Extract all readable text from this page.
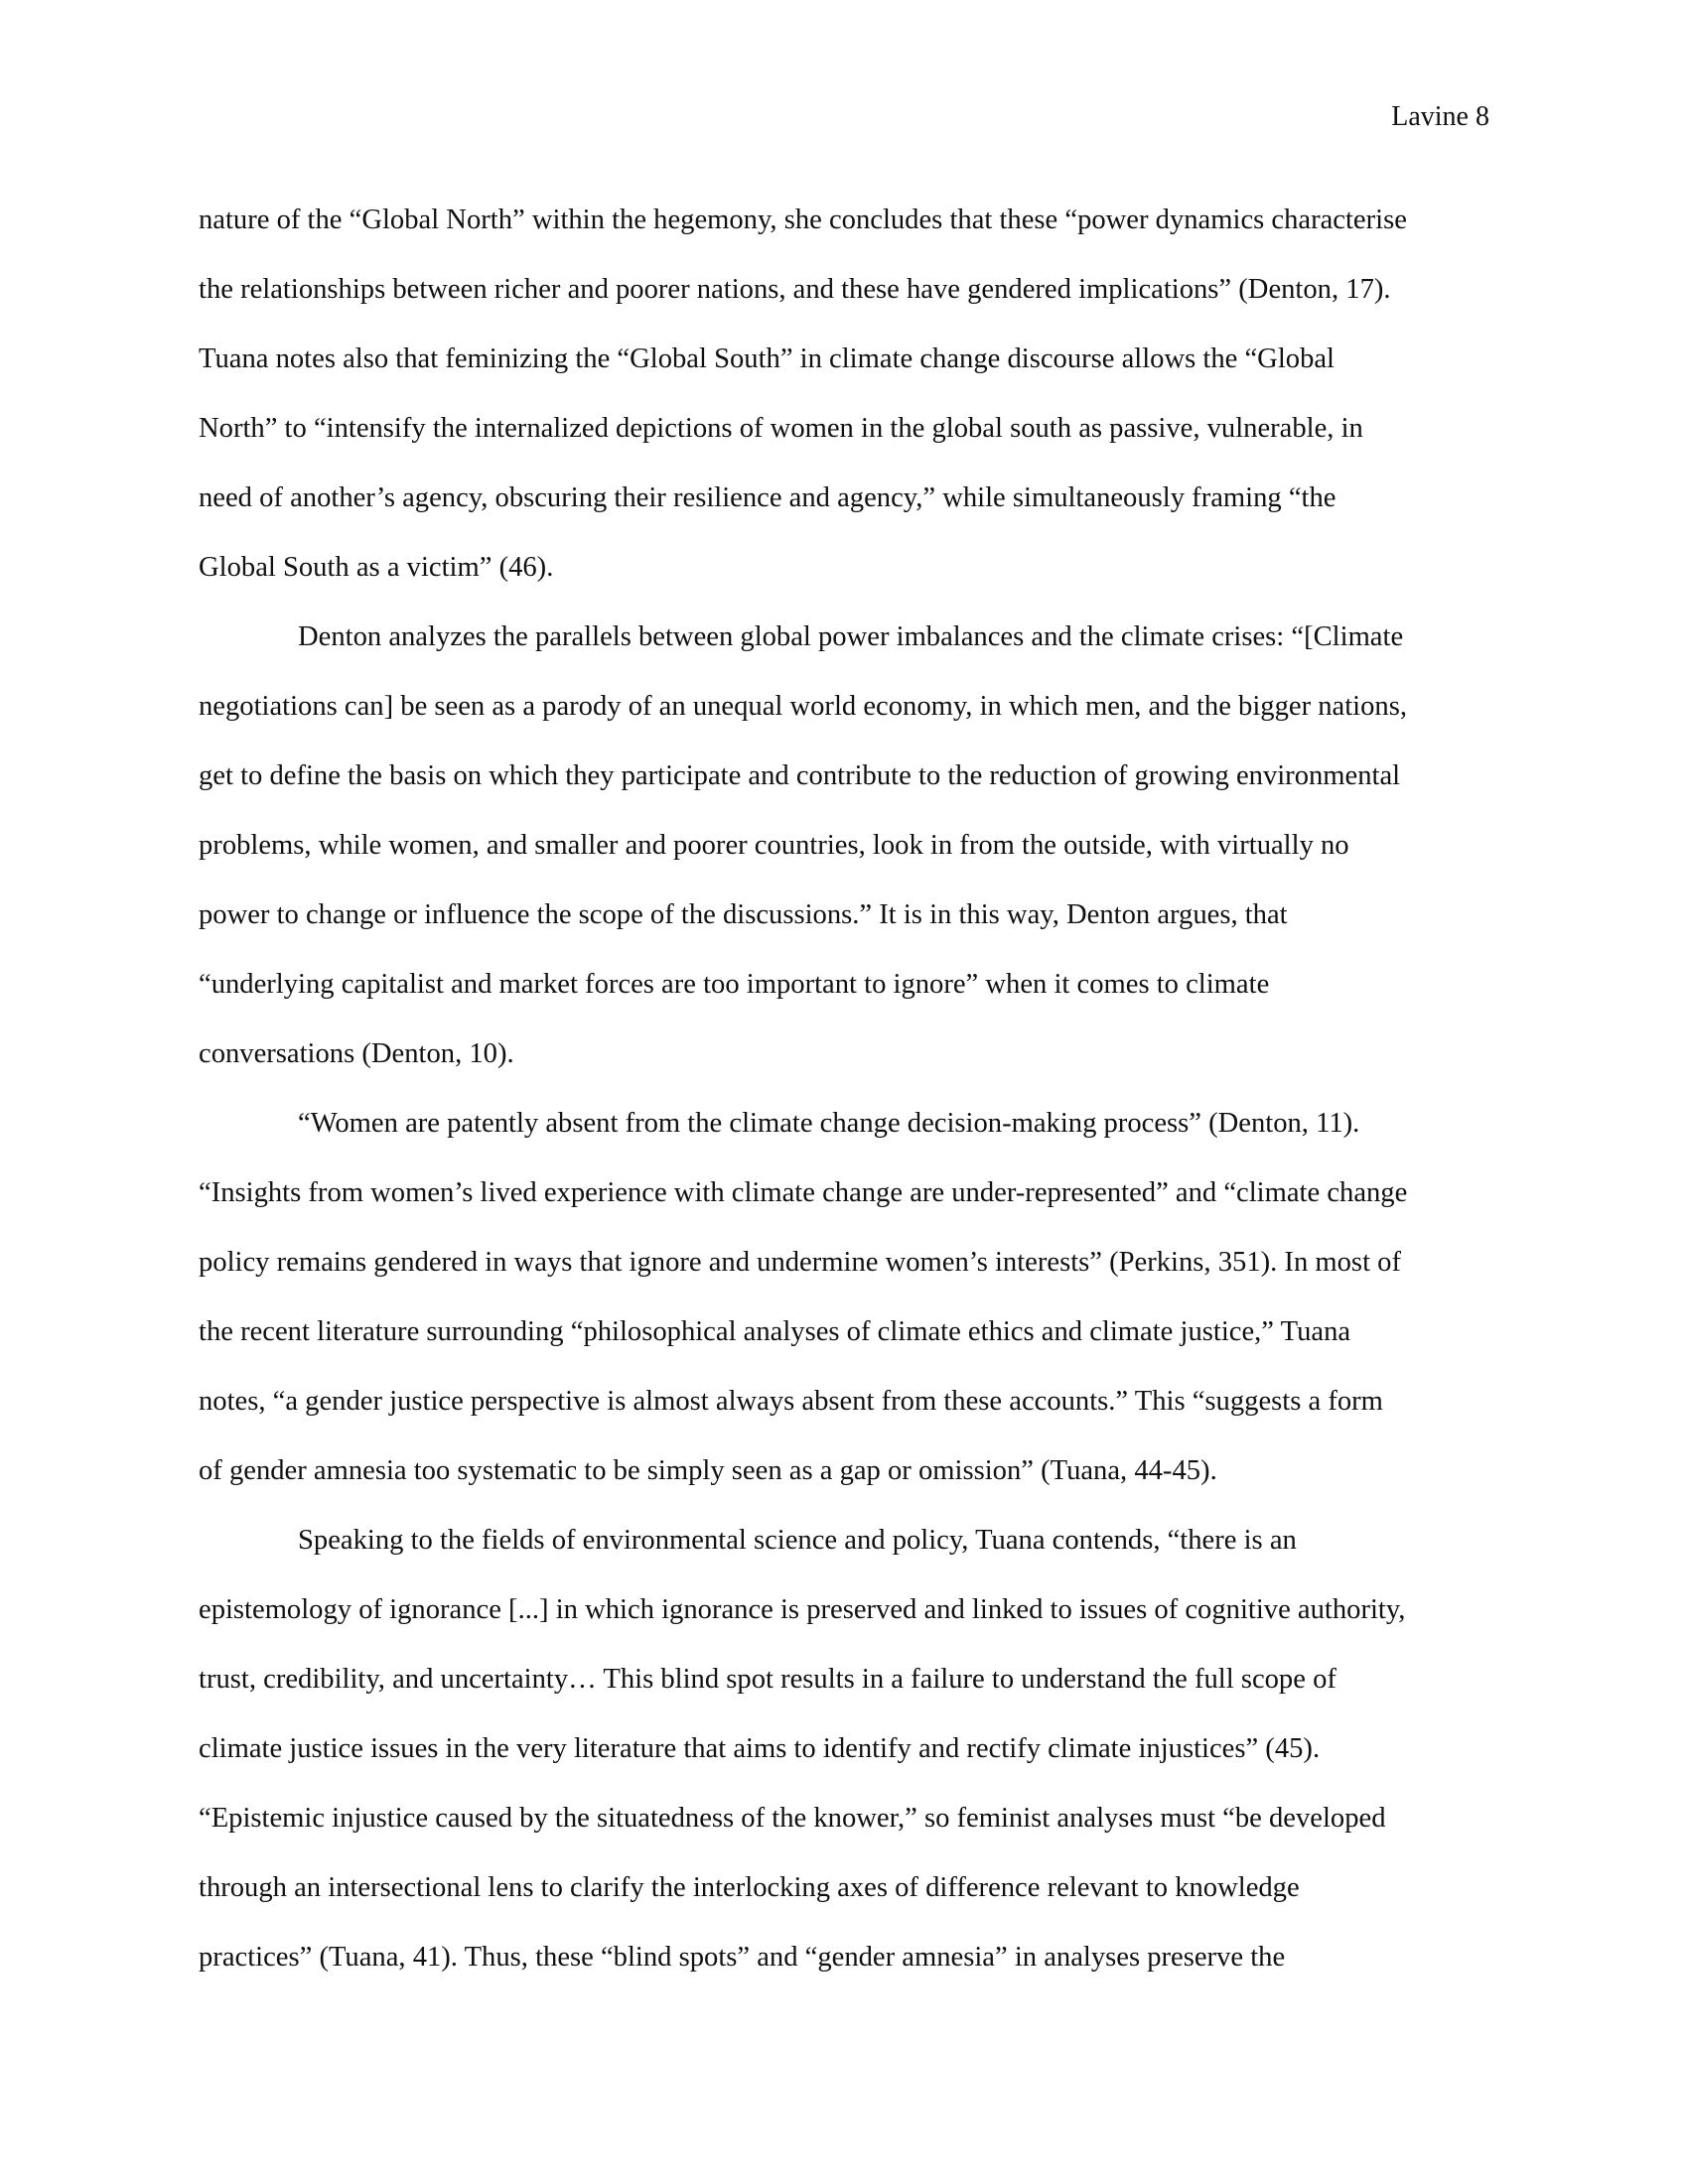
Lavine 8

nature of the “Global North” within the hegemony, she concludes that these “power dynamics characterise
the relationships between richer and poorer nations, and these have gendered implications” (Denton, 17).
Tuana notes also that feminizing the “Global South” in climate change discourse allows the “Global
North” to “intensify the internalized depictions of women in the global south as passive, vulnerable, in
need of another’s agency, obscuring their resilience and agency,” while simultaneously framing “the
Global South as a victim” (46).
Denton analyzes the parallels between global power imbalances and the climate crises: “[Climate
negotiations can] be seen as a parody of an unequal world economy, in which men, and the bigger nations,
get to define the basis on which they participate and contribute to the reduction of growing environmental
problems, while women, and smaller and poorer countries, look in from the outside, with virtually no
power to change or influence the scope of the discussions.” It is in this way, Denton argues, that
“underlying capitalist and market forces are too important to ignore” when it comes to climate
conversations (Denton, 10).
“Women are patently absent from the climate change decision-making process” (Denton, 11).
“Insights from women’s lived experience with climate change are under-represented” and “climate change
policy remains gendered in ways that ignore and undermine women’s interests” (Perkins, 351). In most of
the recent literature surrounding “philosophical analyses of climate ethics and climate justice,” Tuana
notes, “a gender justice perspective is almost always absent from these accounts.” This “suggests a form
of gender amnesia too systematic to be simply seen as a gap or omission” (Tuana, 44-45).
Speaking to the fields of environmental science and policy, Tuana contends, “there is an
epistemology of ignorance [...] in which ignorance is preserved and linked to issues of cognitive authority,
trust, credibility, and uncertainty… This blind spot results in a failure to understand the full scope of
climate justice issues in the very literature that aims to identify and rectify climate injustices” (45).
“Epistemic injustice caused by the situatedness of the knower,” so feminist analyses must “be developed
through an intersectional lens to clarify the interlocking axes of difference relevant to knowledge
practices” (Tuana, 41). Thus, these “blind spots” and “gender amnesia” in analyses preserve the
